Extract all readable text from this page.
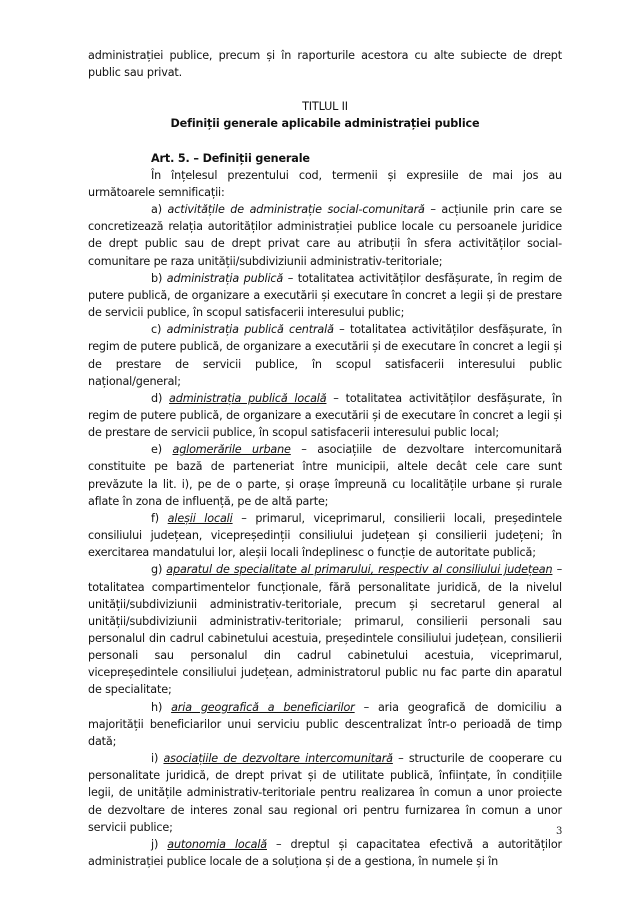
administrației publice, precum și în raporturile acestora cu alte subiecte de drept public sau privat.

TITLUL II

Definiții generale aplicabile administrației publice

Art. 5. – Definiții generale

În înțelesul prezentului cod, termenii și expresiile de mai jos au următoarele semnificații:

a) activitățile de administrație social-comunitară – acțiunile prin care se concretizează relația autorităților administrației publice locale cu persoanele juridice de drept public sau de drept privat care au atribuții în sfera activităților social-comunitare pe raza unității/subdiviziunii administrativ-teritoriale;

b) administrația publică – totalitatea activităților desfășurate, în regim de putere publică, de organizare a executării și executare în concret a legii și de prestare de servicii publice, în scopul satisfacerii interesului public;

c) administrația publică centrală – totalitatea activităților desfășurate, în regim de putere publică, de organizare a executării și de executare în concret a legii și de prestare de servicii publice, în scopul satisfacerii interesului public național/general;

d) administrația publică locală – totalitatea activităților desfășurate, în regim de putere publică, de organizare a executării și de executare în concret a legii și de prestare de servicii publice, în scopul satisfacerii interesului public local;

e) aglomerările urbane – asociațiile de dezvoltare intercomunitară constituite pe bază de parteneriat între municipii, altele decât cele care sunt prevăzute la lit. i), pe de o parte, și orașe împreună cu localitățile urbane și rurale aflate în zona de influență, pe de altă parte;

f) aleșii locali – primarul, viceprimarul, consilierii locali, președintele consiliului județean, vicepreședinții consiliului județean și consilierii județeni; în exercitarea mandatului lor, aleșii locali îndeplinesc o funcție de autoritate publică;

g) aparatul de specialitate al primarului, respectiv al consiliului județean – totalitatea compartimentelor funcționale, fără personalitate juridică, de la nivelul unității/subdiviziunii administrativ-teritoriale, precum și secretarul general al unității/subdiviziunii administrativ-teritoriale; primarul, consilierii personali sau personalul din cadrul cabinetului acestuia, președintele consiliului județean, consilierii personali sau personalul din cadrul cabinetului acestuia, viceprimarul, vicepreședintele consiliului județean, administratorul public nu fac parte din aparatul de specialitate;

h) aria geografică a beneficiarilor – aria geografică de domiciliu a majorității beneficiarilor unui serviciu public descentralizat într-o perioadă de timp dată;

i) asociațiile de dezvoltare intercomunitară – structurile de cooperare cu personalitate juridică, de drept privat și de utilitate publică, înființate, în condițiile legii, de unitățile administrativ-teritoriale pentru realizarea în comun a unor proiecte de dezvoltare de interes zonal sau regional ori pentru furnizarea în comun a unor servicii publice;

j) autonomia locală – dreptul și capacitatea efectivă a autorităților administrației publice locale de a soluționa și de a gestiona, în numele și în

3
